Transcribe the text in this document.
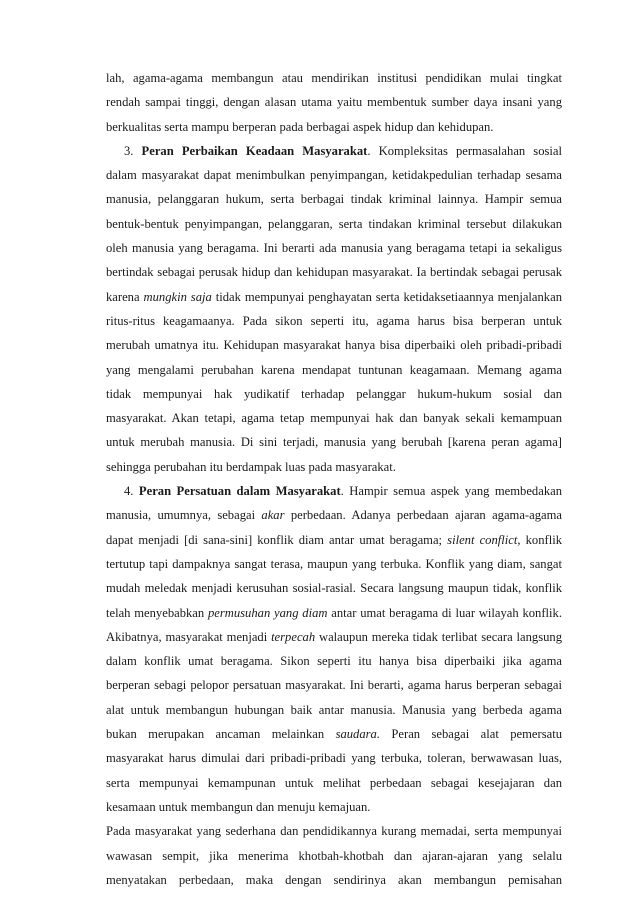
lah, agama-agama membangun atau mendirikan institusi pendidikan mulai tingkat
rendah sampai tinggi, dengan alasan utama yaitu membentuk sumber daya insani yang
berkualitas serta mampu berperan pada berbagai aspek hidup dan kehidupan.
3. Peran Perbaikan Keadaan Masyarakat. Kompleksitas permasalahan sosial
dalam masyarakat dapat menimbulkan penyimpangan, ketidakpedulian terhadap sesama
manusia, pelanggaran hukum, serta berbagai tindak kriminal lainnya. Hampir semua
bentuk-bentuk penyimpangan, pelanggaran, serta tindakan kriminal tersebut dilakukan
oleh manusia yang beragama. Ini berarti ada manusia yang beragama tetapi ia sekaligus
bertindak sebagai perusak hidup dan kehidupan masyarakat. Ia bertindak sebagai perusak
karena mungkin saja tidak mempunyai penghayatan serta ketidaksetiaannya menjalankan
ritus-ritus keagamaanya. Pada sikon seperti itu, agama harus bisa berperan untuk
merubah umatnya itu. Kehidupan masyarakat hanya bisa diperbaiki oleh pribadi-pribadi
yang mengalami perubahan karena mendapat tuntunan keagamaan. Memang agama
tidak mempunyai hak yudikatif terhadap pelanggar hukum-hukum sosial dan
masyarakat. Akan tetapi, agama tetap mempunyai hak dan banyak sekali kemampuan
untuk merubah manusia. Di sini terjadi, manusia yang berubah [karena peran agama]
sehingga perubahan itu berdampak luas pada masyarakat.
4. Peran Persatuan dalam Masyarakat. Hampir semua aspek yang membedakan
manusia, umumnya, sebagai akar perbedaan. Adanya perbedaan ajaran agama-agama
dapat menjadi [di sana-sini] konflik diam antar umat beragama; silent conflict, konflik
tertutup tapi dampaknya sangat terasa, maupun yang terbuka. Konflik yang diam, sangat
mudah meledak menjadi kerusuhan sosial-rasial. Secara langsung maupun tidak, konflik
telah menyebabkan permusuhan yang diam antar umat beragama di luar wilayah konflik.
Akibatnya, masyarakat menjadi terpecah walaupun mereka tidak terlibat secara langsung
dalam konflik umat beragama. Sikon seperti itu hanya bisa diperbaiki jika agama
berperan sebagi pelopor persatuan masyarakat. Ini berarti, agama harus berperan sebagai
alat untuk membangun hubungan baik antar manusia. Manusia yang berbeda agama
bukan merupakan ancaman melainkan saudara. Peran sebagai alat pemersatu
masyarakat harus dimulai dari pribadi-pribadi yang terbuka, toleran, berwawasan luas,
serta mempunyai kemampunan untuk melihat perbedaan sebagai kesejajaran dan
kesamaan untuk membangun dan menuju kemajuan.
Pada masyarakat yang sederhana dan pendidikannya kurang memadai, serta mempunyai
wawasan sempit, jika menerima khotbah-khotbah dan ajaran-ajaran yang selalu
menyatakan perbedaan, maka dengan sendirinya akan membangun pemisahan
